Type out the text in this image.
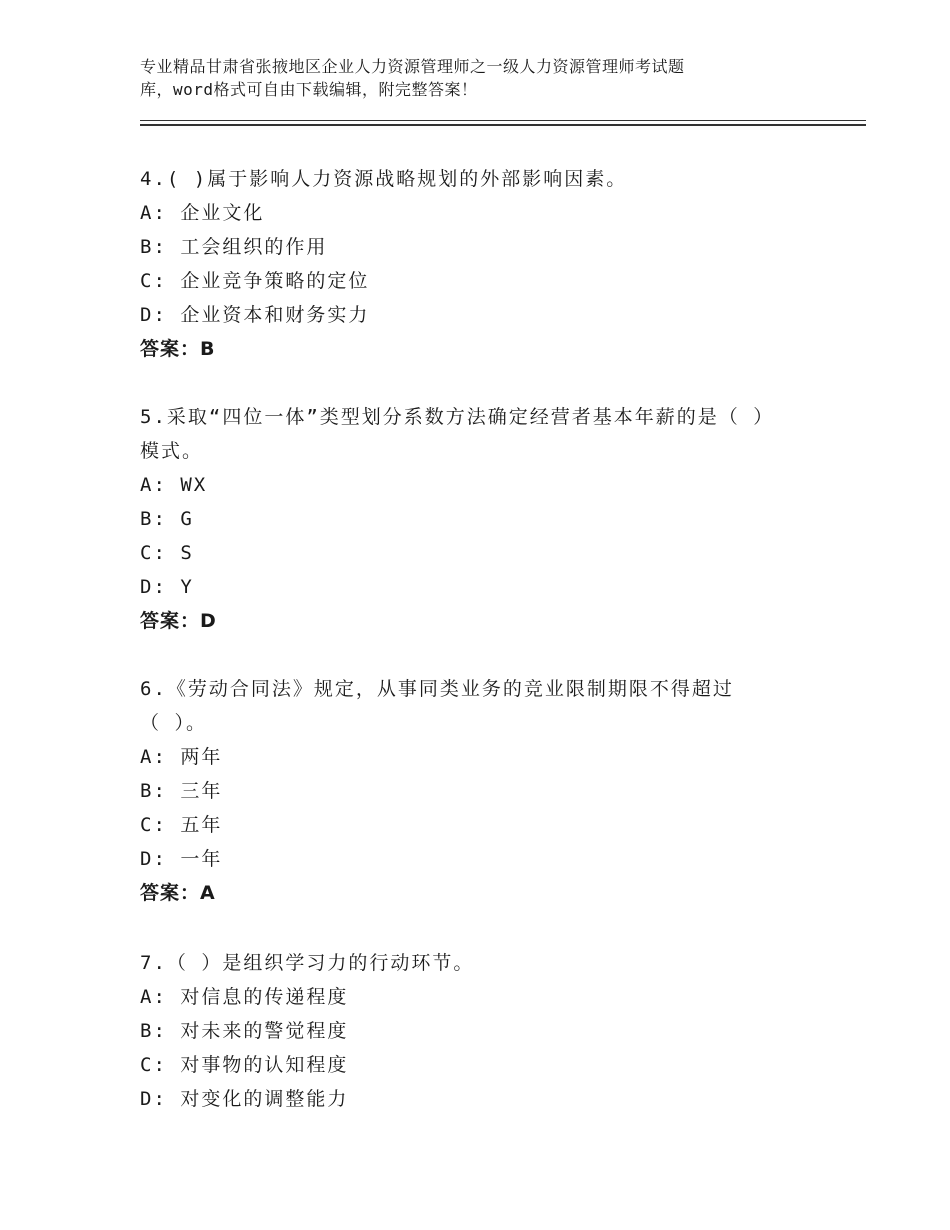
专业精品甘肃省张掖地区企业人力资源管理师之一级人力资源管理师考试题
库，word格式可自由下载编辑，附完整答案！
4.( )属于影响人力资源战略规划的外部影响因素。
A: 企业文化
B: 工会组织的作用
C: 企业竞争策略的定位
D: 企业资本和财务实力
答案：B
5.采取“四位一体”类型划分系数方法确定经营者基本年薪的是（ ）
模式。
A: WX
B: G
C: S
D: Y
答案：D
6.《劳动合同法》规定，从事同类业务的竞业限制期限不得超过
（ ）。
A: 两年
B: 三年
C: 五年
D: 一年
答案：A
7.（ ）是组织学习力的行动环节。
A: 对信息的传递程度
B: 对未来的警觉程度
C: 对事物的认知程度
D: 对变化的调整能力
